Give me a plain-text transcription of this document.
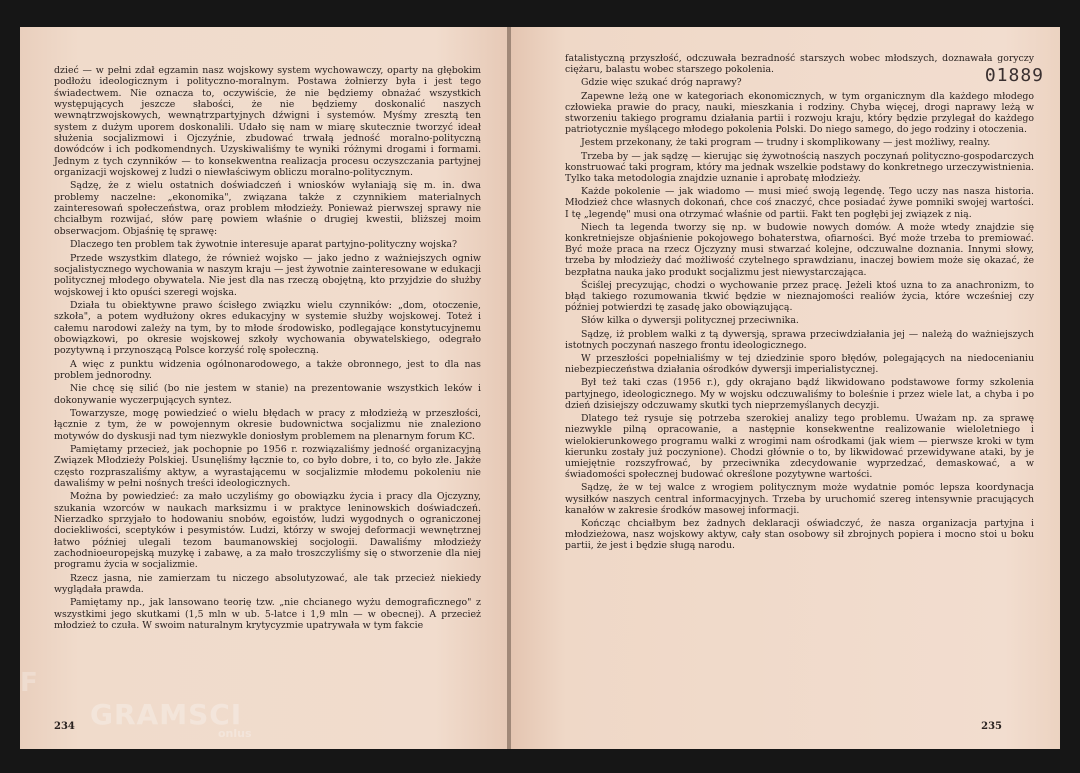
dzieć — w pełni zdał egzamin nasz wojskowy system wychowawczy, oparty na głębokim podłożu ideologicznym i polityczno-moralnym. Postawa żołnierzy była i jest tego świadectwem. Nie oznacza to, oczywiście, że nie będziemy obnażać wszystkich występujących jeszcze słabości, że nie będziemy doskonalić naszych wewnątrzwojskowych, wewnątrzpartyjnych dźwigni i systemów. Myśmy zresztą ten system z dużym uporem doskonalili. Udało się nam w miarę skutecznie tworzyć ideał służenia socjalizmowi i Ojczyźnie, zbudować trwałą jedność moralno-polityczną dowódców i ich podkomendnych. Uzyskiwaliśmy te wyniki różnymi drogami i formami. Jednym z tych czynników — to konsekwentna realizacja procesu oczyszczania partyjnej organizacji wojskowej z ludzi o niewłaściwym obliczu moralno-politycznym.

Sądzę, że z wielu ostatnich doświadczeń i wniosków wyłaniają się m. in. dwa problemy naczelne: „ekonomika", związana także z czynnikiem materialnych zainteresowań społeczeństwa, oraz problem młodzieży. Ponieważ pierwszej sprawy nie chciałbym rozwijać, słów parę powiem właśnie o drugiej kwestii, bliższej moim obserwacjom. Objaśnię tę sprawę:

Dlaczego ten problem tak żywotnie interesuje aparat partyjno-polityczny wojska?

Przede wszystkim dlatego, że również wojsko — jako jedno z ważniejszych ogniw socjalistycznego wychowania w naszym kraju — jest żywotnie zainteresowane w edukacji politycznej młodego obywatela. Nie jest dla nas rzeczą obojętną, kto przyjdzie do służby wojskowej i kto opuści szeregi wojska.

Działa tu obiektywne prawo ścisłego związku wielu czynników: „dom, otoczenie, szkoła", a potem wydłużony okres edukacyjny w systemie służby wojskowej. Toteż i całemu narodowi zależy na tym, by to młode środowisko, podlegające konstytucyjnemu obowiązkowi, po okresie wojskowej szkoły wychowania obywatelskiego, odegrało pozytywną i przynoszącą Polsce korzyść rolę społeczną.

A więc z punktu widzenia ogólnonarodowego, a także obronnego, jest to dla nas problem jednorodny.

Nie chcę się silić (bo nie jestem w stanie) na prezentowanie wszystkich leków i dokonywanie wyczerpujących syntez.

Towarzysze, mogę powiedzieć o wielu błędach w pracy z młodzieżą w przeszłości, łącznie z tym, że w powojennym okresie budownictwa socjalizmu nie znaleziono motywów do dyskusji nad tym niezwykle doniosłym problemem na plenarnym forum KC.

Pamiętamy przecież, jak pochopnie po 1956 r. rozwiązaliśmy jedność organizacyjną Związek Młodzieży Polskiej. Usunęliśmy łącznie to, co było dobre, i to, co było złe. Jakże często rozpraszaliśmy aktyw, a wyrastającemu w socjalizmie młodemu pokoleniu nie dawaliśmy w pełni nośnych treści ideologicznych.

Można by powiedzieć: za mało uczyliśmy go obowiązku życia i pracy dla Ojczyzny, szukania wzorców w naukach marksizmu i w praktyce leninowskich doświadczeń. Nierzadko sprzyjało to hodowaniu snobów, egoistów, ludzi wygodnych o ograniczonej dociekliwości, sceptyków i pesymistów. Ludzi, którzy w swojej deformacji wewnętrznej łatwo później ulegali tezom baumanowskiej socjologii. Dawaliśmy młodzieży zachodnioeuropejską muzykę i zabawę, a za mało troszczyliśmy się o stworzenie dla niej programu życia w socjalizmie.

Rzecz jasna, nie zamierzam tu niczego absolutyzować, ale tak przecież niekiedy wyglądała prawda.

Pamiętamy np., jak lansowano teorię tzw. „nie chcianego wyżu demograficznego" z wszystkimi jego skutkami (1,5 mln w ub. 5-latce i 1,9 mln — w obecnej). A przecież młodzież to czuła. W swoim naturalnym krytycyzmie upatrywała w tym fakcie

234
01889

fatalistyczną przyszłość, odczuwała bezradność starszych wobec młodszych, doznawała goryczy ciężaru, balastu wobec starszego pokolenia.

Gdzie więc szukać dróg naprawy?

Zapewne leżą one w kategoriach ekonomicznych, w tym organicznym dla każdego młodego człowieka prawie do pracy, nauki, mieszkania i rodziny. Chyba więcej, drogi naprawy leżą w stworzeniu takiego programu działania partii i rozwoju kraju, który będzie przylegał do każdego patriotycznie myślącego młodego pokolenia Polski. Do niego samego, do jego rodziny i otoczenia.

Jestem przekonany, że taki program — trudny i skomplikowany — jest możliwy, realny.

Trzeba by — jak sądzę — kierując się żywotnością naszych poczynań polityczno-gospodarczych konstruować taki program, który ma jednak wszelkie podstawy do konkretnego urzeczywistnienia. Tylko taka metodologia znajdzie uznanie i aprobatę młodzieży.

Każde pokolenie — jak wiadomo — musi mieć swoją legendę. Tego uczy nas nasza historia. Młodzież chce własnych dokonań, chce coś znaczyć, chce posiadać żywe pomniki swojej wartości. I tę „legendę" musi ona otrzymać właśnie od partii. Fakt ten pogłębi jej związek z nią.

Niech ta legenda tworzy się np. w budowie nowych domów. A może wtedy znajdzie się konkretniejsze objaśnienie pokojowego bohaterstwa, ofiarności. Być może trzeba to premiować. Być może praca na rzecz Ojczyzny musi stwarzać kolejne, odczuwalne doznania. Innymi słowy, trzeba by młodzieży dać możliwość czytelnego sprawdzianu, inaczej bowiem może się okazać, że bezpłatna nauka jako produkt socjalizmu jest niewystarczająca.

Ściślej precyzując, chodzi o wychowanie przez pracę. Jeżeli ktoś uzna to za anachronizm, to błąd takiego rozumowania tkwić będzie w nieznajomości realiów życia, które wcześniej czy później potwierdzi tę zasadę jako obowiązującą.

Słów kilka o dywersji politycznej przeciwnika.

Sądzę, iż problem walki z tą dywersją, sprawa przeciwdziałania jej — należą do ważniejszych istotnych poczynań naszego frontu ideologicznego.

W przeszłości popełnialiśmy w tej dziedzinie sporo błędów, polegających na niedocenianiu niebezpieczeństwa działania ośrodków dywersji imperialistycznej.

Był też taki czas (1956 r.), gdy okrajano bądź likwidowano podstawowe formy szkolenia partyjnego, ideologicznego. My w wojsku odczuwaliśmy to boleśnie i przez wiele lat, a chyba i po dzień dzisiejszy odczuwamy skutki tych nieprzemyślanych decyzji.

Dlatego też rysuje się potrzeba szerokiej analizy tego problemu. Uważam np. za sprawę niezwykle pilną opracowanie, a następnie konsekwentne realizowanie wieloletniego i wielokierunkowego programu walki z wrogimi nam ośrodkami (jak wiem — pierwsze kroki w tym kierunku zostały już poczynione). Chodzi głównie o to, by likwidować przewidywane ataki, by je umiejętnie rozszyfrować, by przeciwnika zdecydowanie wyprzedzać, demaskować, a w świadomości społecznej budować określone pozytywne wartości.

Sądzę, że w tej walce z wrogiem politycznym może wydatnie pomóc lepsza koordynacja wysiłków naszych central informacyjnych. Trzeba by uruchomić szereg intensywnie pracujących kanałów w zakresie środków masowej informacji.

Kończąc chciałbym bez żadnych deklaracji oświadczyć, że nasza organizacja partyjna i młodzieżowa, nasz wojskowy aktyw, cały stan osobowy sił zbrojnych popiera i mocno stoi u boku partii, że jest i będzie sługą narodu.

235
F
GRAMSCI
onlus
